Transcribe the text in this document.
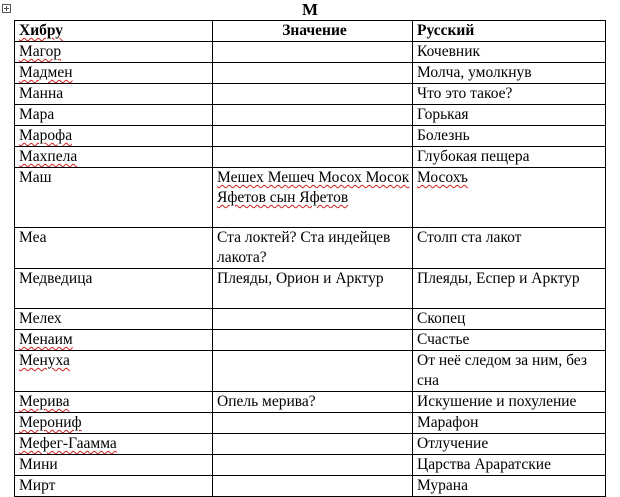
М
Хибру	Значение	Русский
Магор		Кочевник
Мадмен		Молча, умолкнув
Манна		Что это такое?
Мара		Горькая
Марофа		Болезнь
Махпела		Глубокая пещера
Маш	Мешех Мешеч Мосох Мосок Яфетов сын Яфетов	Мосохъ
Меа	Ста локтей? Ста индейцев лакота?	Столп ста лакот
Медведица	Плеяды, Орион и Арктур	Плеяды, Еспер и Арктур
Мелех		Скопец
Менаим		Счастье
Менуха		От неё следом за ним, без сна
Мерива	Опель мерива?	Искушение и похуление
Мерониф		Марафон
Мефег-Гаамма		Отлучение
Мини		Царства Араратские
Мирт		Мурана
